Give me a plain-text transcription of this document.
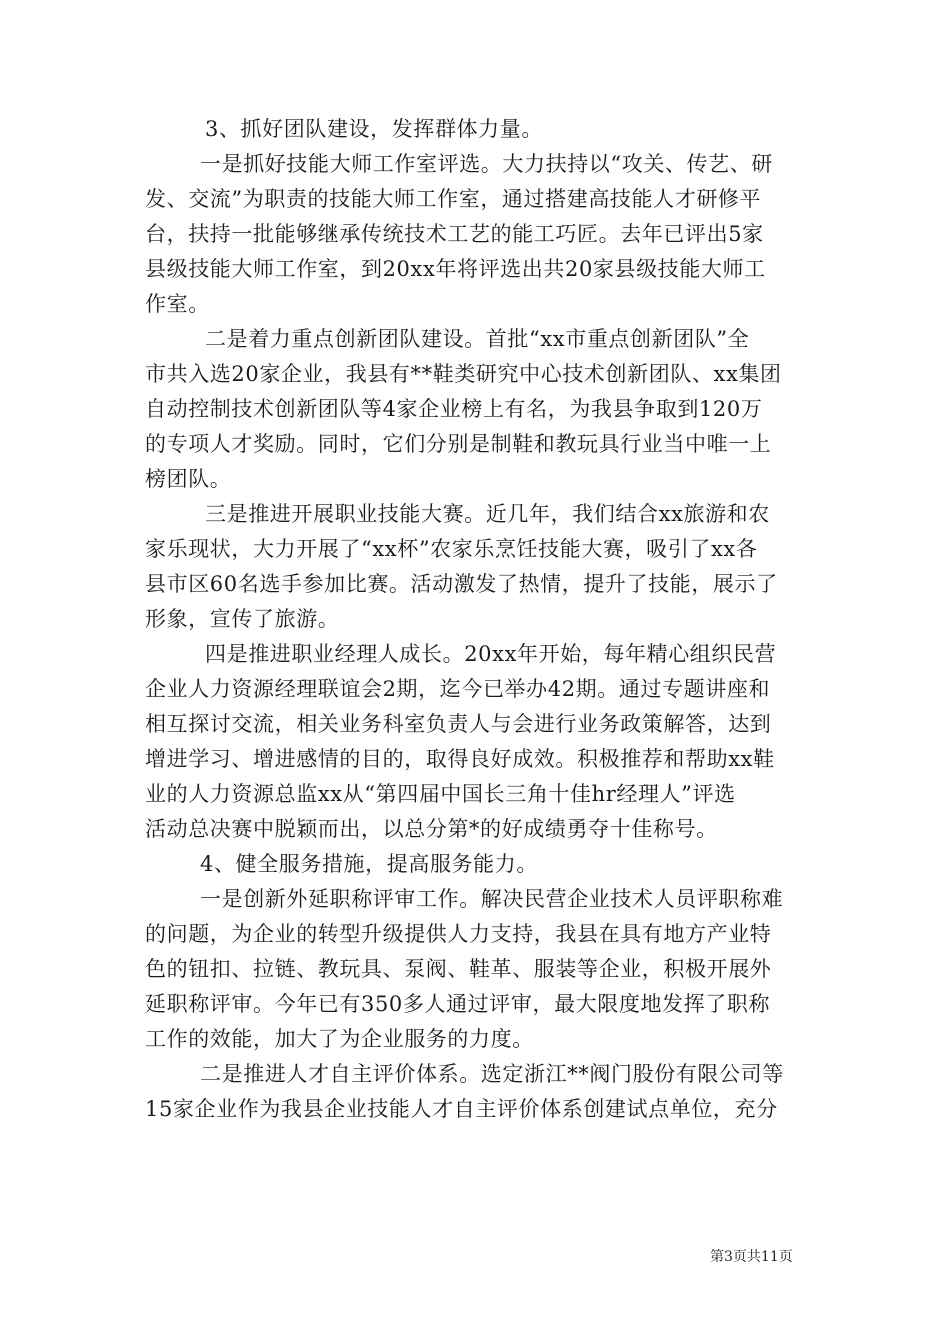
3、抓好团队建设，发挥群体力量。
一是抓好技能大师工作室评选。大力扶持以“攻关、传艺、研
发、交流”为职责的技能大师工作室，通过搭建高技能人才研修平
台，扶持一批能够继承传统技术工艺的能工巧匠。去年已评出5家
县级技能大师工作室，到20xx年将评选出共20家县级技能大师工
作室。
二是着力重点创新团队建设。首批“xx市重点创新团队”全
市共入选20家企业，我县有**鞋类研究中心技术创新团队、xx集团
自动控制技术创新团队等4家企业榜上有名，为我县争取到120万
的专项人才奖励。同时，它们分别是制鞋和教玩具行业当中唯一上
榜团队。
三是推进开展职业技能大赛。近几年，我们结合xx旅游和农
家乐现状，大力开展了“xx杯”农家乐烹饪技能大赛，吸引了xx各
县市区60名选手参加比赛。活动激发了热情，提升了技能，展示了
形象，宣传了旅游。
四是推进职业经理人成长。20xx年开始，每年精心组织民营
企业人力资源经理联谊会2期，迄今已举办42期。通过专题讲座和
相互探讨交流，相关业务科室负责人与会进行业务政策解答，达到
增进学习、增进感情的目的，取得良好成效。积极推荐和帮助xx鞋
业的人力资源总监xx从“第四届中国长三角十佳hr经理人”评选
活动总决赛中脱颖而出，以总分第*的好成绩勇夺十佳称号。
4、健全服务措施，提高服务能力。
一是创新外延职称评审工作。解决民营企业技术人员评职称难
的问题，为企业的转型升级提供人力支持，我县在具有地方产业特
色的钮扣、拉链、教玩具、泵阀、鞋革、服装等企业，积极开展外
延职称评审。今年已有350多人通过评审，最大限度地发挥了职称
工作的效能，加大了为企业服务的力度。
二是推进人才自主评价体系。选定浙江**阀门股份有限公司等
15家企业作为我县企业技能人才自主评价体系创建试点单位，充分
第3页共11页
